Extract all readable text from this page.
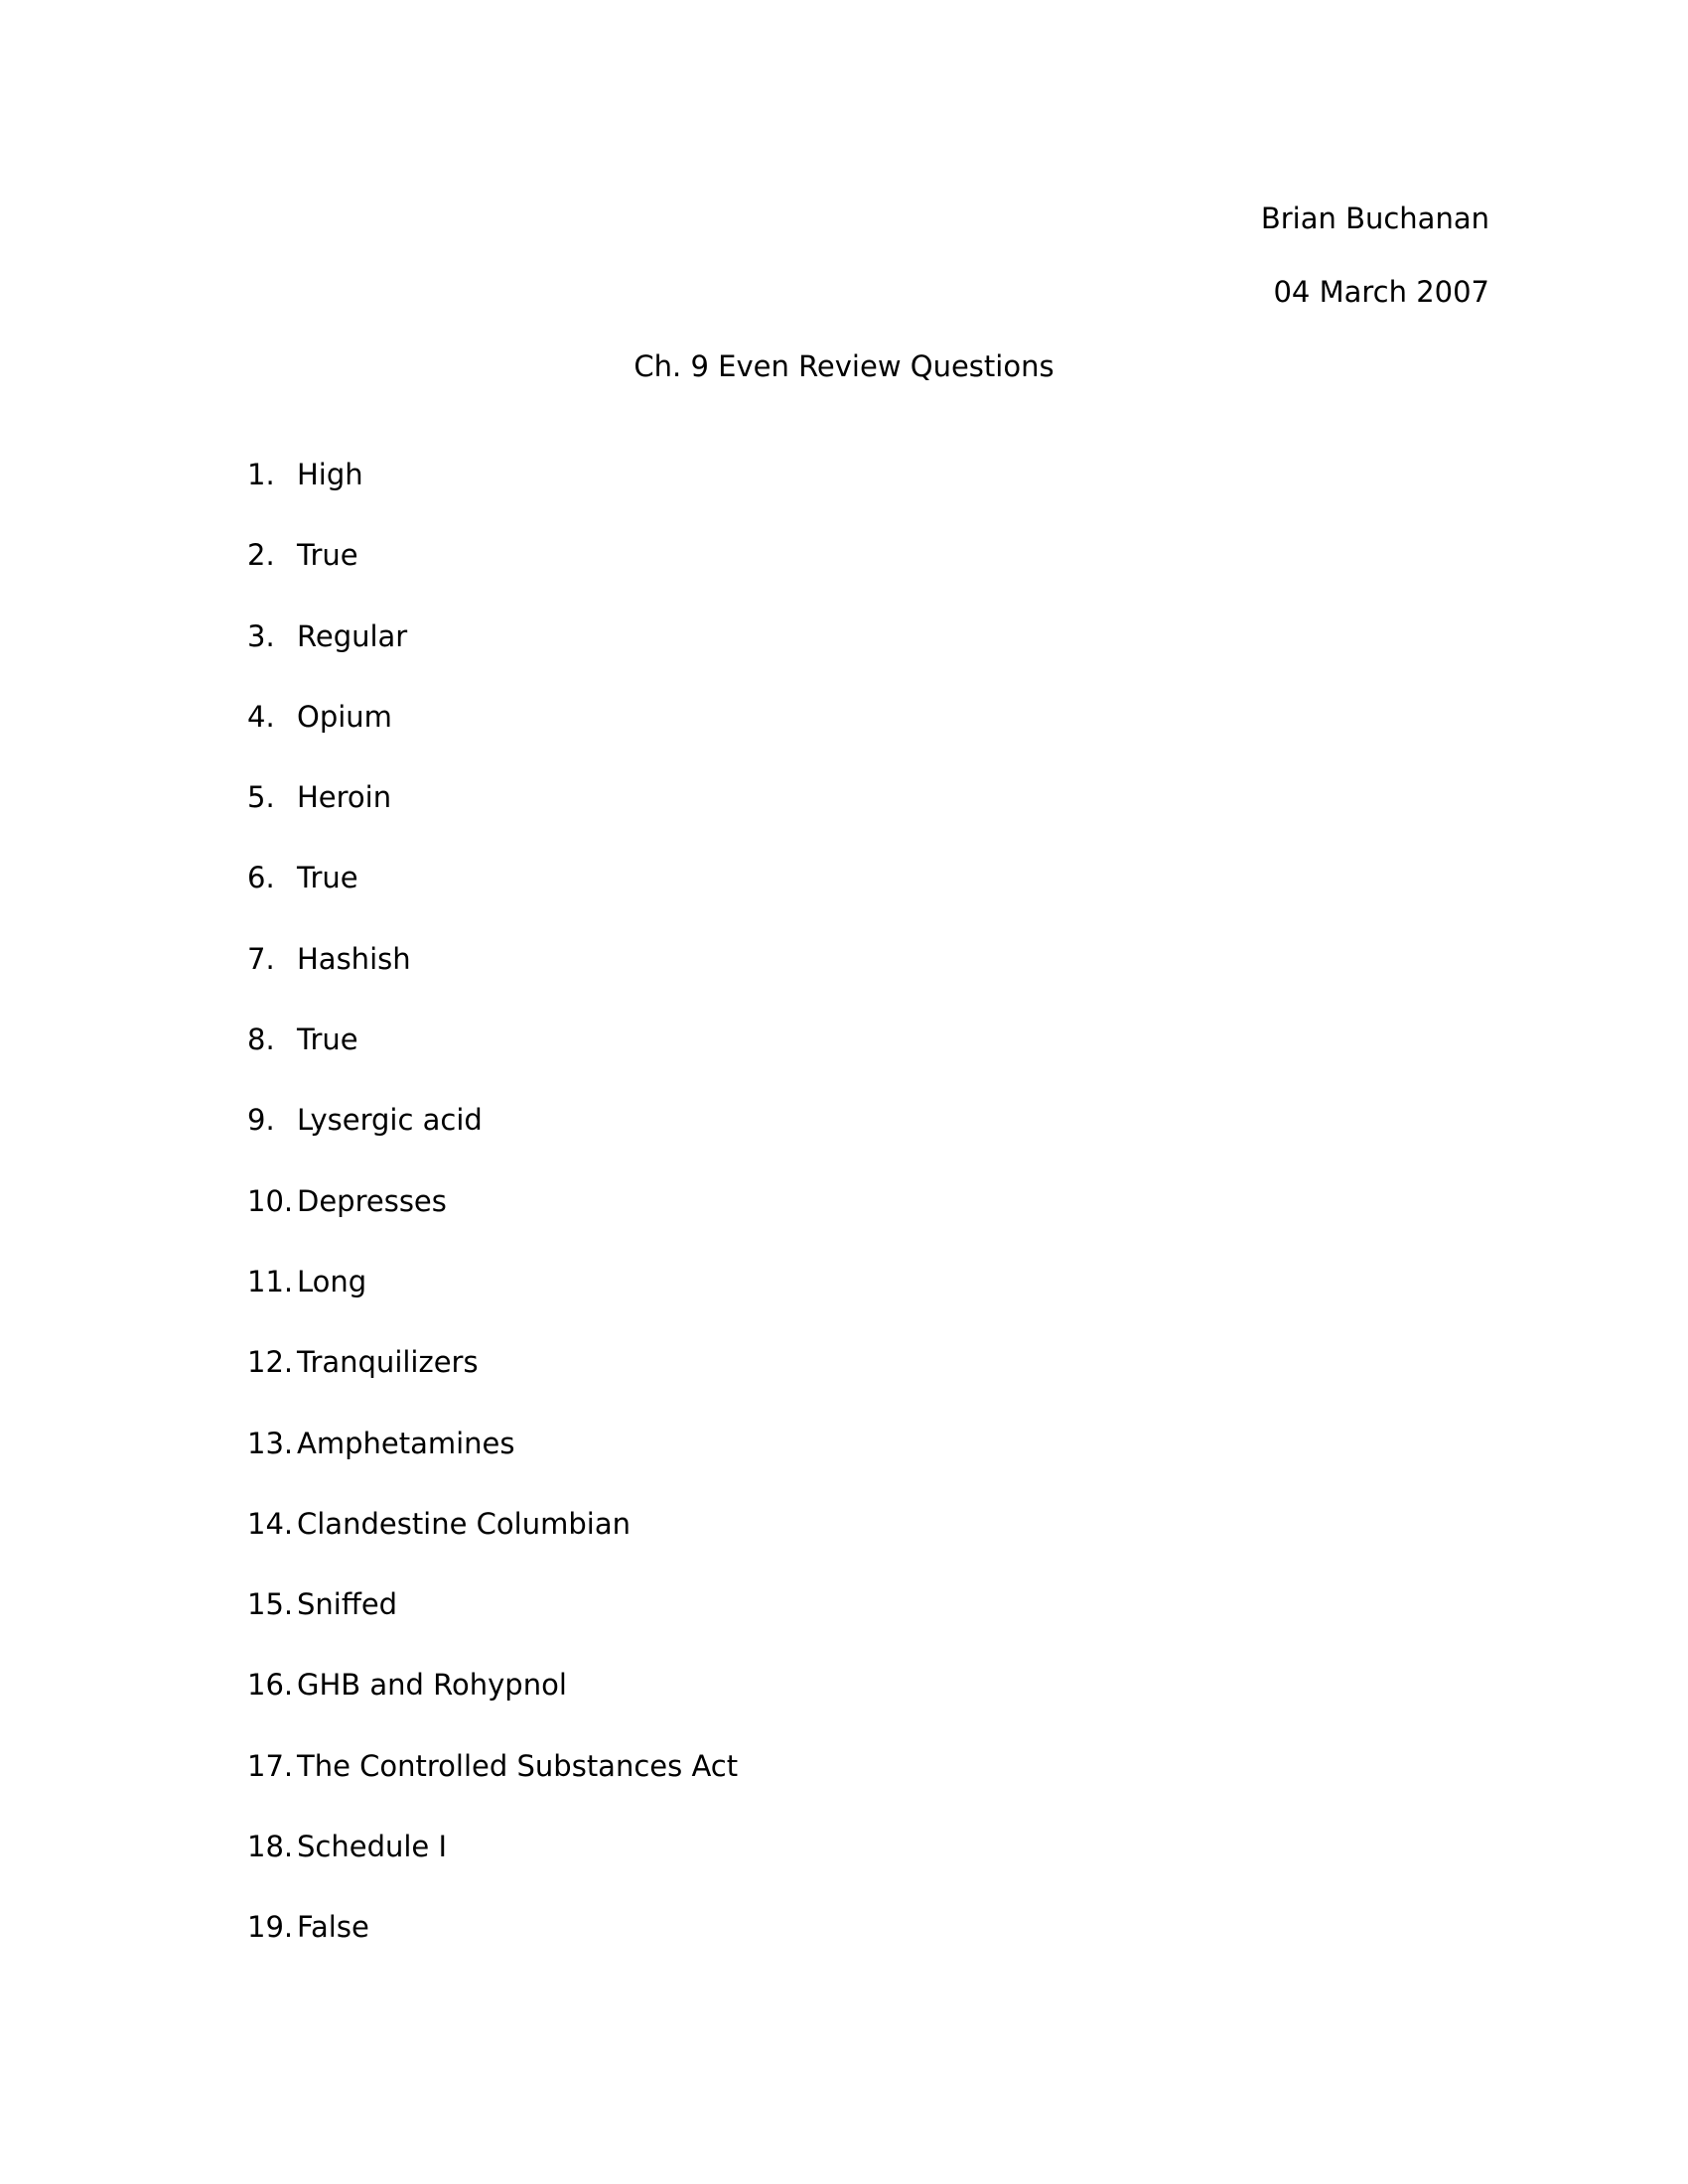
Brian Buchanan
04 March 2007
Ch. 9 Even Review Questions
1. High
2. True
3. Regular
4. Opium
5. Heroin
6. True
7. Hashish
8. True
9. Lysergic acid
10. Depresses
11. Long
12. Tranquilizers
13. Amphetamines
14. Clandestine Columbian
15. Sniffed
16. GHB and Rohypnol
17. The Controlled Substances Act
18. Schedule I
19. False
